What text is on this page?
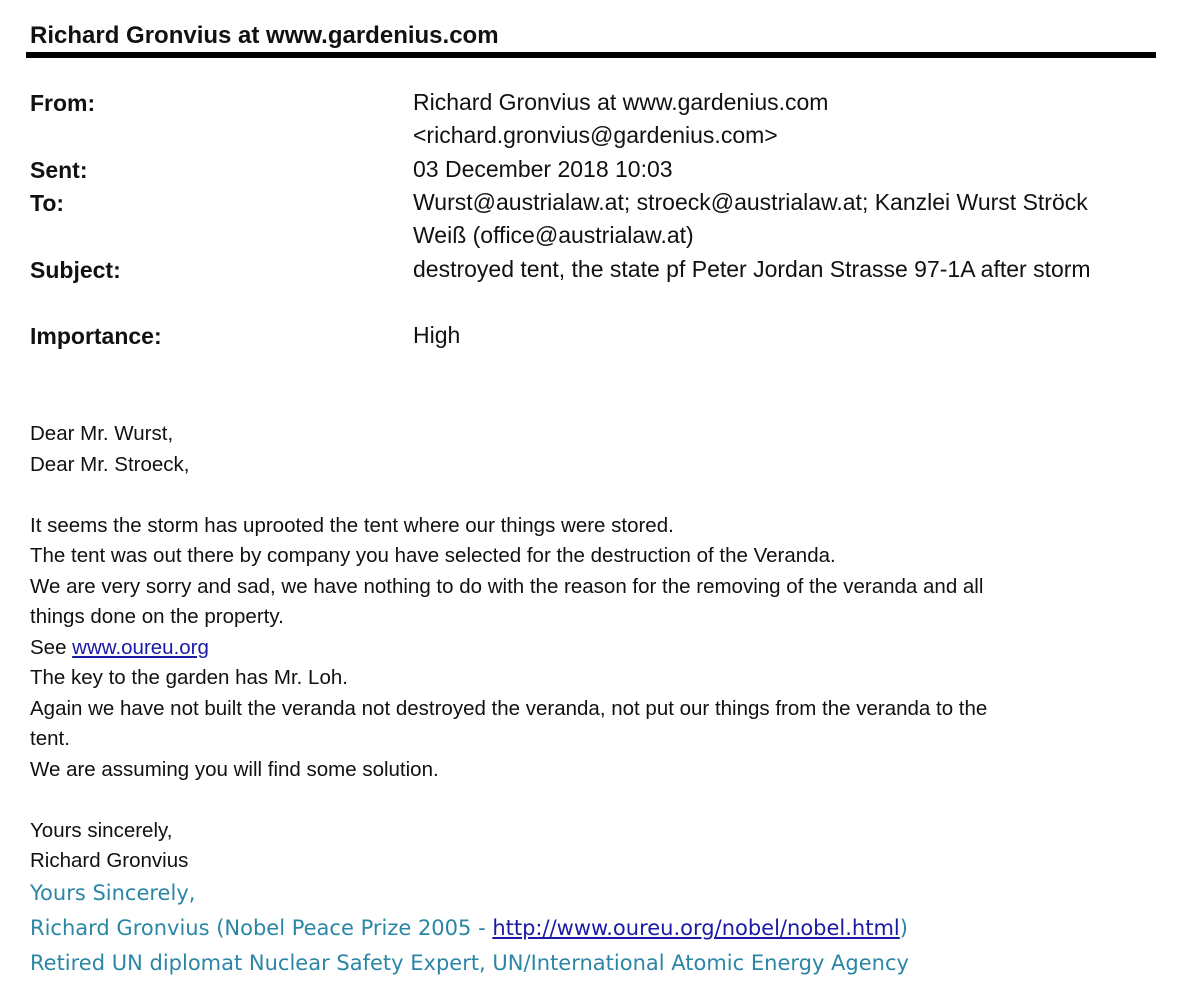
Richard Gronvius at www.gardenius.com
From:	Richard Gronvius at www.gardenius.com
<richard.gronvius@gardenius.com>
Sent:	03 December 2018 10:03
To:	Wurst@austrialaw.at; stroeck@austrialaw.at; Kanzlei Wurst Ströck
Weiß (office@austrialaw.at)
Subject:	destroyed tent, the state pf Peter Jordan Strasse 97-1A after storm
Importance:	High
Dear Mr. Wurst,
Dear Mr. Stroeck,
It seems the storm has uprooted the tent where our things were stored.
The tent was out there by company you have selected for the destruction of the Veranda.
We are very sorry and sad, we have nothing to do with the reason for the removing of the veranda and all
things done on the property.
See www.oureu.org
The key to the garden has Mr. Loh.
Again we have not built the veranda not destroyed the veranda, not put our things from the veranda to the
tent.
We are assuming you will find some solution.
Yours sincerely,
Richard Gronvius
Yours Sincerely,
Richard Gronvius (Nobel Peace Prize 2005 - http://www.oureu.org/nobel/nobel.html)
Retired UN diplomat Nuclear Safety Expert, UN/International Atomic Energy Agency
